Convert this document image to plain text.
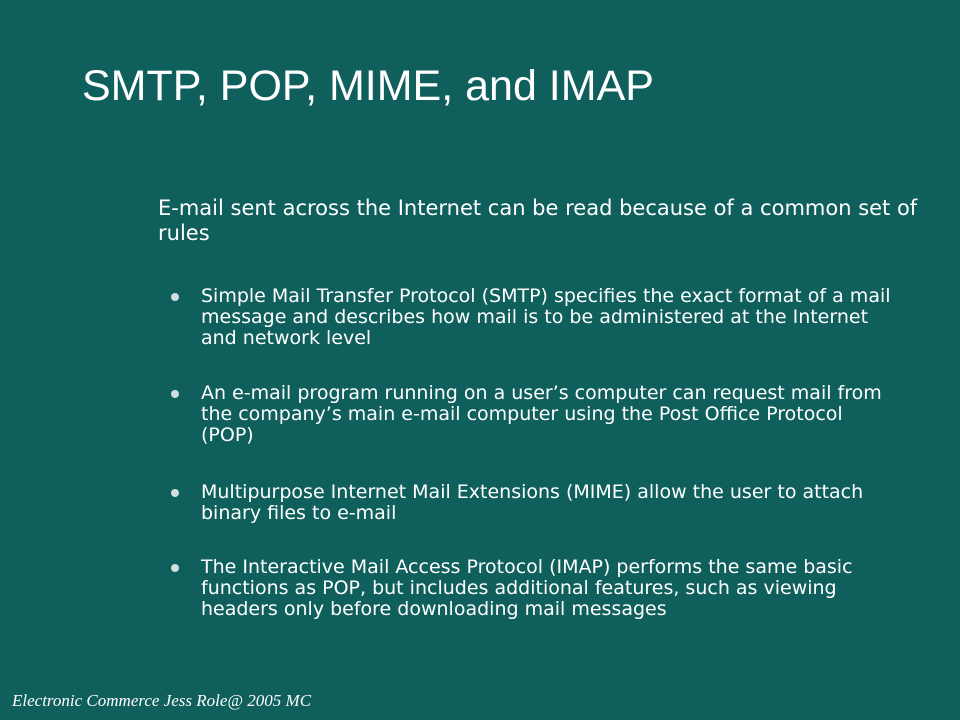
SMTP, POP, MIME, and IMAP

E-mail sent across the Internet can be read because of a common set of rules

Simple Mail Transfer Protocol (SMTP) specifies the exact format of a mail message and describes how mail is to be administered at the Internet and network level
An e-mail program running on a user’s computer can request mail from the company’s main e-mail computer using the Post Office Protocol (POP)
Multipurpose Internet Mail Extensions (MIME) allow the user to attach binary files to e-mail
The Interactive Mail Access Protocol (IMAP) performs the same basic functions as POP, but includes additional features, such as viewing headers only before downloading mail messages

Electronic Commerce Jess Role@ 2005 MC
